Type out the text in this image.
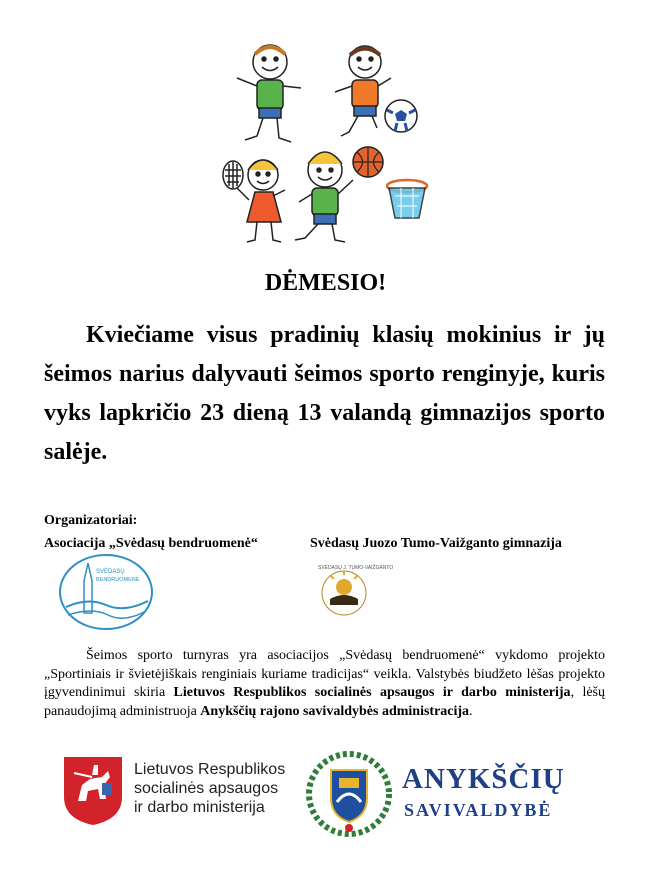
DĖMESIO!
Kviečiame visus pradinių klasių mokinius ir jų šeimos narius dalyvauti šeimos sporto renginyje, kuris vyks lapkričio 23 dieną 13 valandą gimnazijos sporto salėje.
Organizatoriai:
Asociacija „Svėdasų bendruomenė“	Svėdasų Juozo Tumo-Vaižganto gimnazija
SVĖDASŲ
BENDRUOMENĖ
SVĖDASŲ J. TUMO-VAIŽGANTO
Šeimos sporto turnyras yra asociacijos „Svėdasų bendruomenė“ vykdomo projekto „Sportiniais ir švietėjiškais renginiais kuriame tradicijas“ veikla. Valstybės biudžeto lėšas projekto įgyvendinimui skiria Lietuvos Respublikos socialinės apsaugos ir darbo ministerija, lėšų panaudojimą administruoja Anykščių rajono savivaldybės administracija.
Lietuvos Respublikos
socialinės apsaugos
ir darbo ministerija
ANYKŠČIŲ
SAVIVALDYBĖ
